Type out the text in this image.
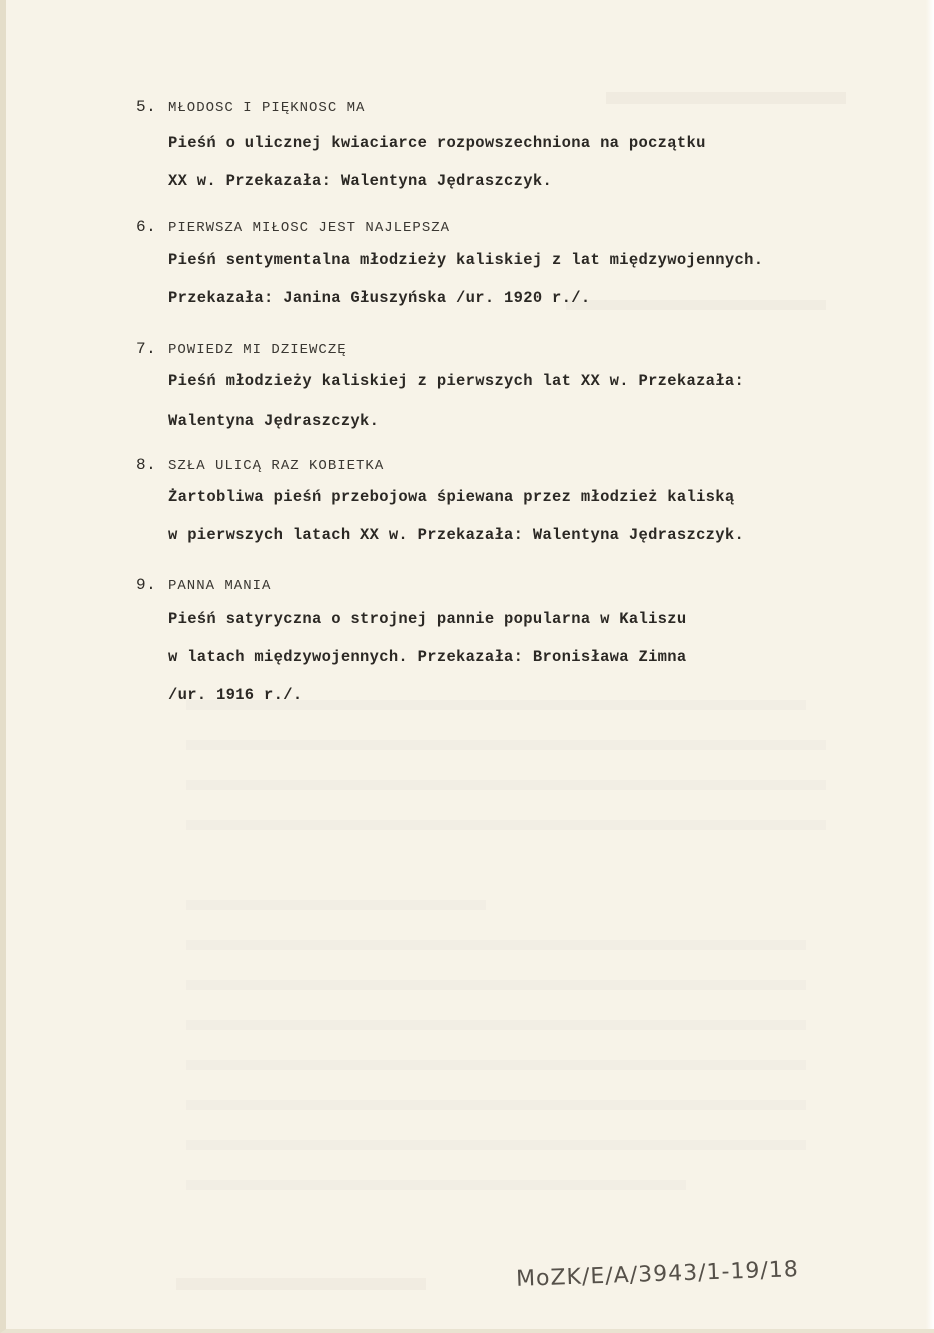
5. MŁODOSC I PIĘKNOSC MA
Pieśń o ulicznej kwiaciarce rozpowszechniona na początku
XX w. Przekazała: Walentyna Jędraszczyk.
6. PIERWSZA MIŁOSC JEST NAJLEPSZA
Pieśń sentymentalna młodzieży kaliskiej z lat międzywojennych.
Przekazała: Janina Głuszyńska /ur. 1920 r./.
7. POWIEDZ MI DZIEWCZĘ
Pieśń młodzieży kaliskiej z pierwszych lat XX w. Przekazała:
Walentyna Jędraszczyk.
8. SZŁA ULICĄ RAZ KOBIETKA
Żartobliwa pieśń przebojowa śpiewana przez młodzież kaliską
w pierwszych latach XX w. Przekazała: Walentyna Jędraszczyk.
9. PANNA MANIA
Pieśń satyryczna o strojnej pannie popularna w Kaliszu
w latach międzywojennych. Przekazała: Bronisława Zimna
/ur. 1916 r./.
MoZK/E/A/3943/1-19/18
